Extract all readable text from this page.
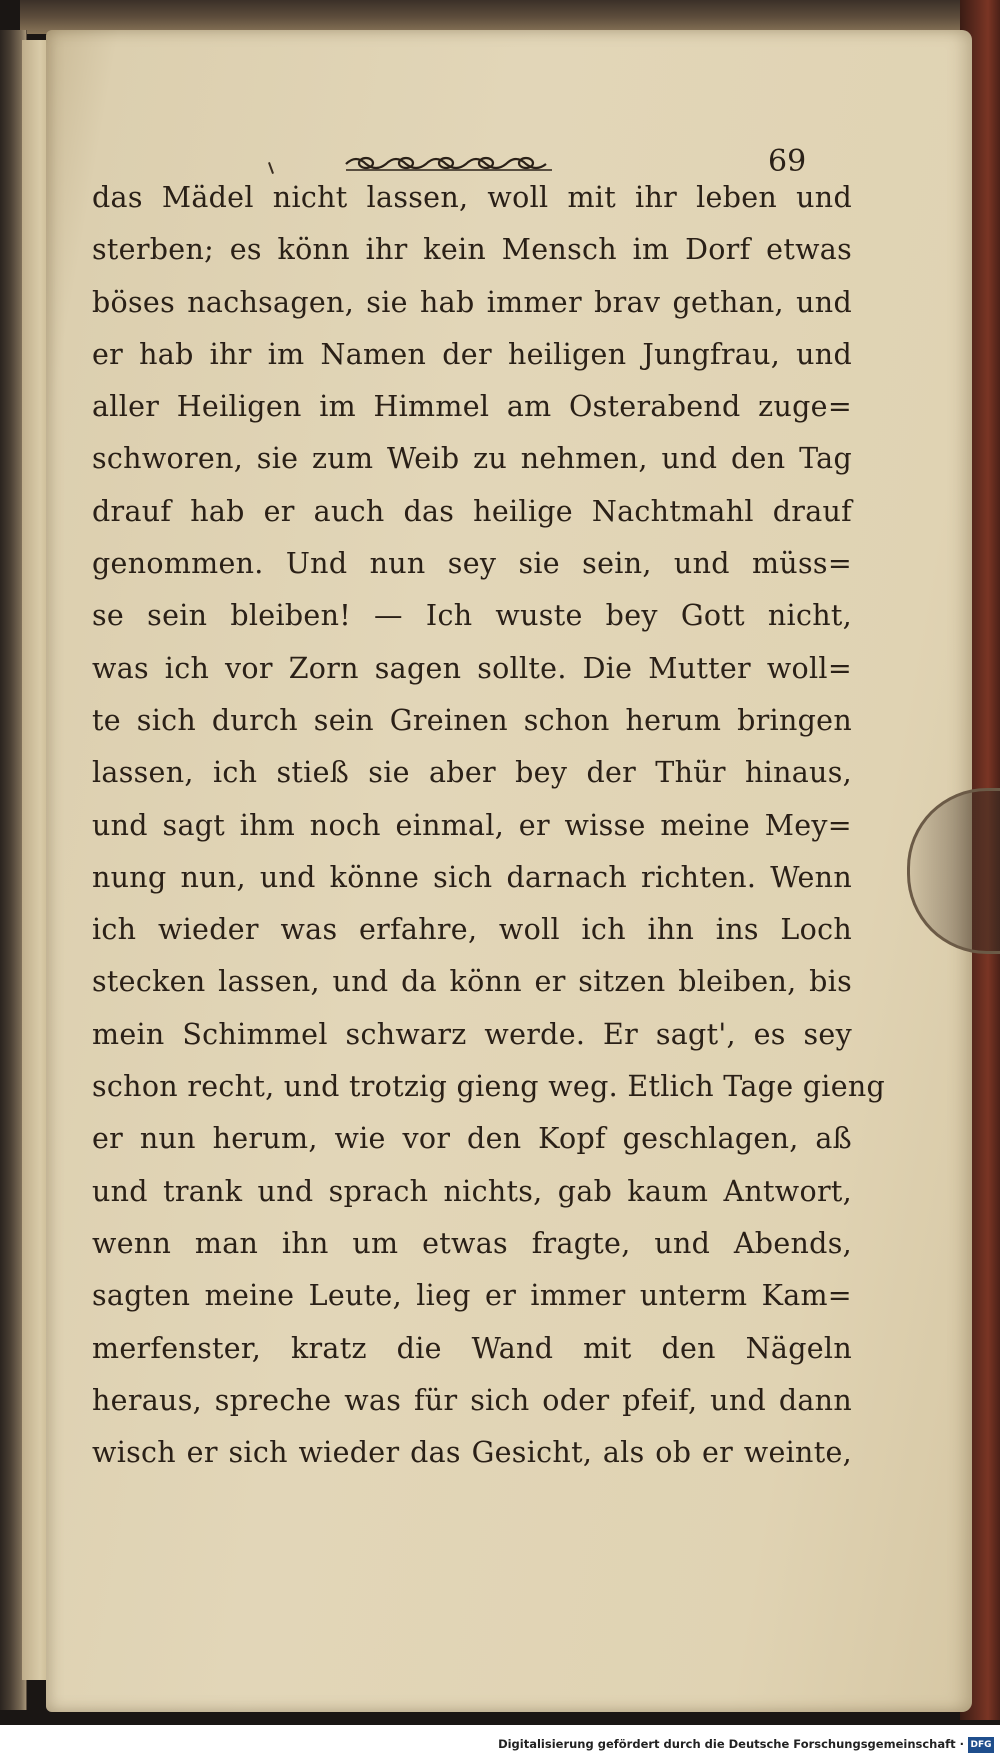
69
das Mädel nicht lassen, woll mit ihr leben und
sterben; es könn ihr kein Mensch im Dorf etwas
böses nachsagen, sie hab immer brav gethan, und
er hab ihr im Namen der heiligen Jungfrau, und
aller Heiligen im Himmel am Osterabend zuge=
schworen, sie zum Weib zu nehmen, und den Tag
drauf hab er auch das heilige Nachtmahl drauf
genommen. Und nun sey sie sein, und müss=
se sein bleiben! — Ich wuste bey Gott nicht,
was ich vor Zorn sagen sollte. Die Mutter woll=
te sich durch sein Greinen schon herum bringen
lassen, ich stieß sie aber bey der Thür hinaus,
und sagt ihm noch einmal, er wisse meine Mey=
nung nun, und könne sich darnach richten. Wenn
ich wieder was erfahre, woll ich ihn ins Loch
stecken lassen, und da könn er sitzen bleiben, bis
mein Schimmel schwarz werde. Er sagt', es sey
schon recht, und trotzig gieng weg. Etlich Tage gieng
er nun herum, wie vor den Kopf geschlagen, aß
und trank und sprach nichts, gab kaum Antwort,
wenn man ihn um etwas fragte, und Abends,
sagten meine Leute, lieg er immer unterm Kam=
merfenster, kratz die Wand mit den Nägeln
heraus, spreche was für sich oder pfeif, und dann
wisch er sich wieder das Gesicht, als ob er weinte,
Digitalisierung gefördert durch die Deutsche Forschungsgemeinschaft · DFG
